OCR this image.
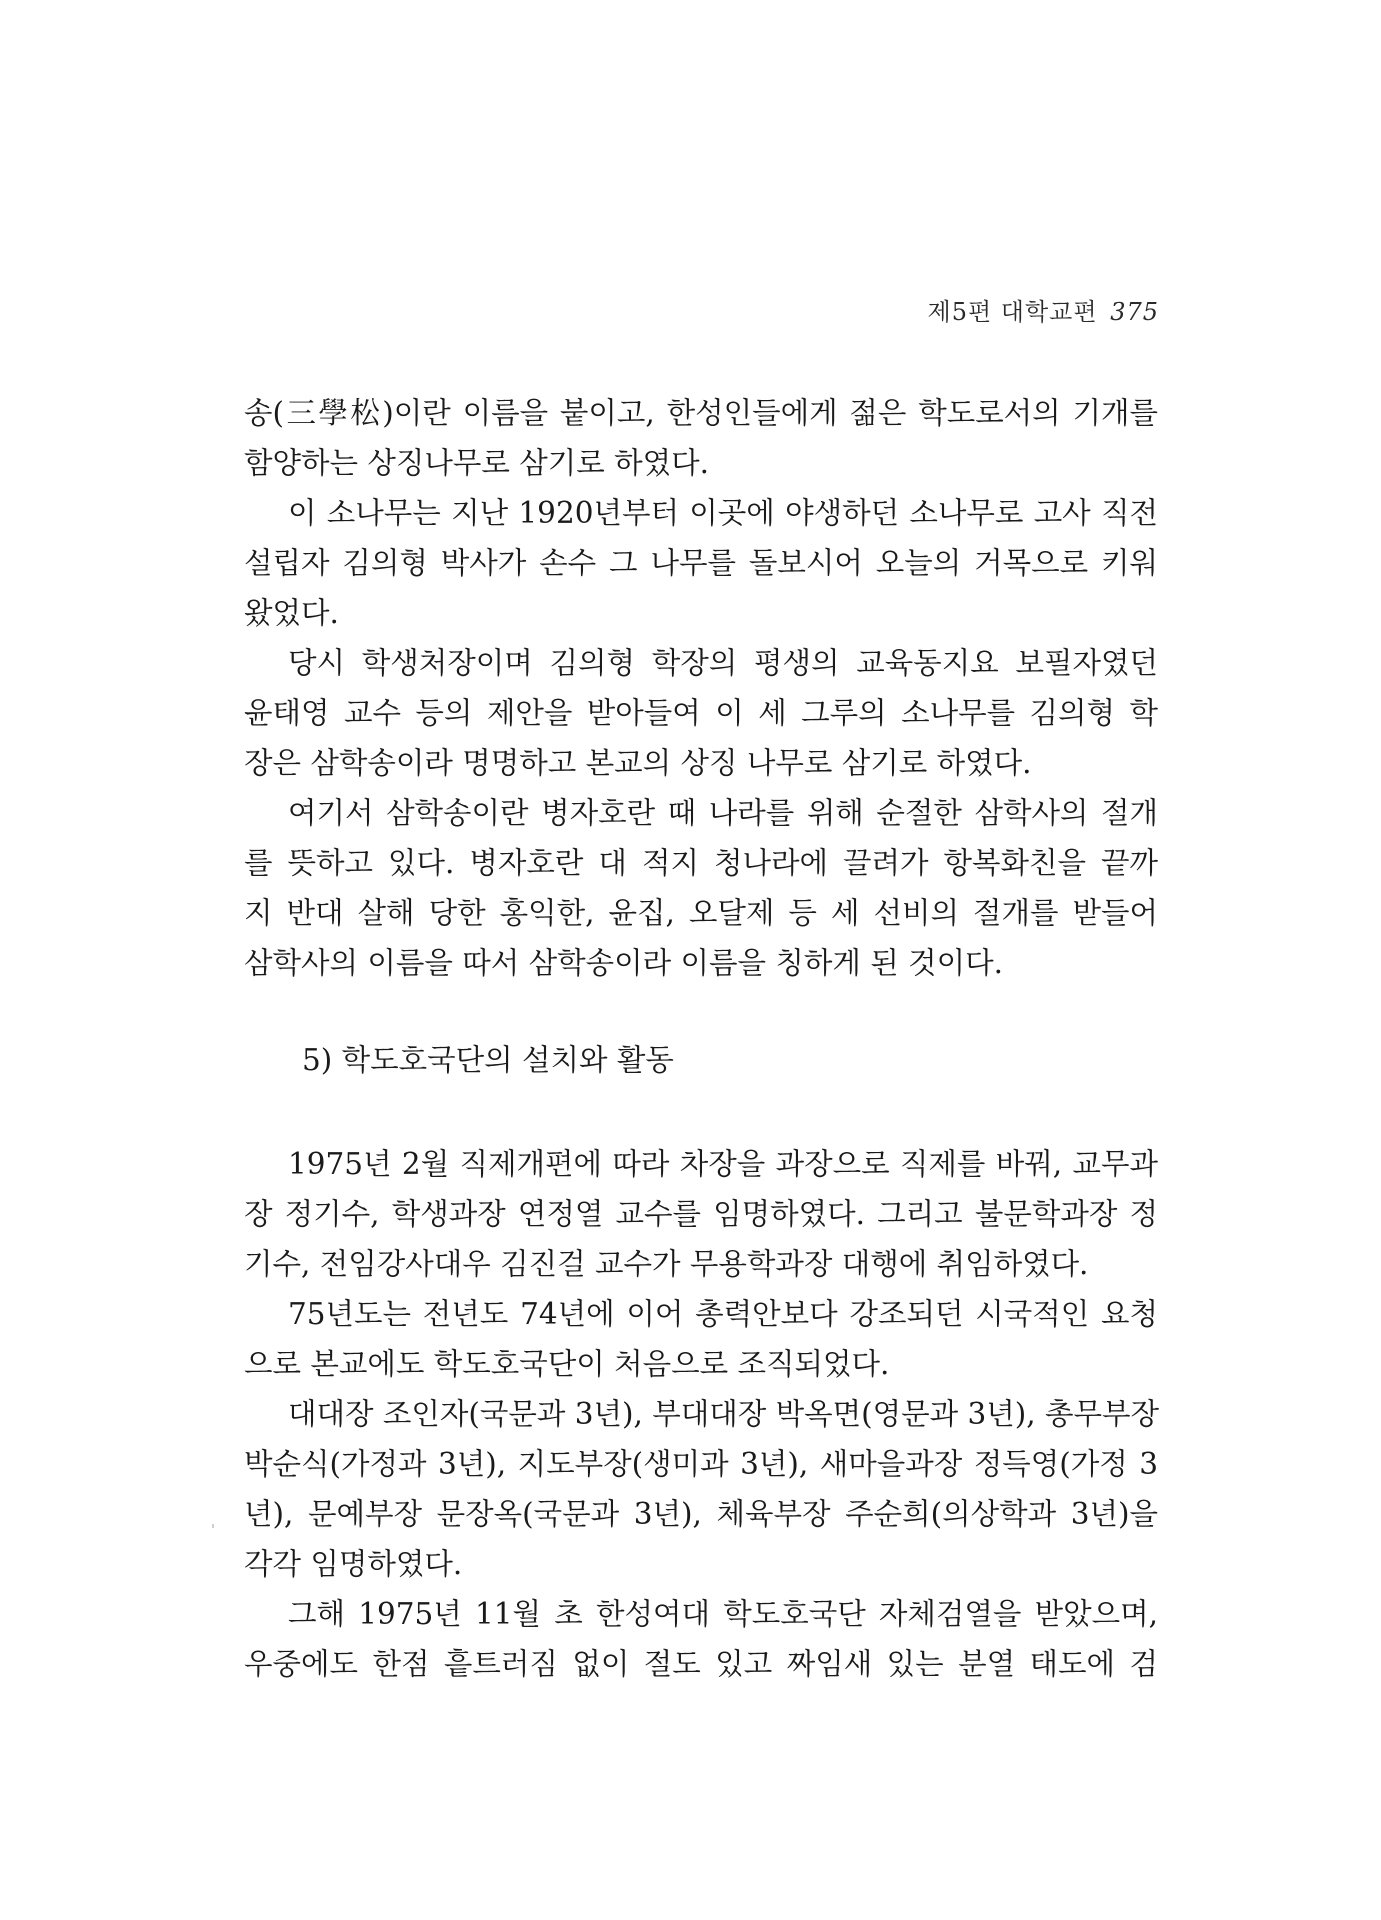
제5편 대학교편 375
송(三學松)이란 이름을 붙이고, 한성인들에게 젊은 학도로서의 기개를
함양하는 상징나무로 삼기로 하였다.
이 소나무는 지난 1920년부터 이곳에 야생하던 소나무로 고사 직전
설립자 김의형 박사가 손수 그 나무를 돌보시어 오늘의 거목으로 키워
왔었다.
당시 학생처장이며 김의형 학장의 평생의 교육동지요 보필자였던
윤태영 교수 등의 제안을 받아들여 이 세 그루의 소나무를 김의형 학
장은 삼학송이라 명명하고 본교의 상징 나무로 삼기로 하였다.
여기서 삼학송이란 병자호란 때 나라를 위해 순절한 삼학사의 절개
를 뜻하고 있다. 병자호란 대 적지 청나라에 끌려가 항복화친을 끝까
지 반대 살해 당한 홍익한, 윤집, 오달제 등 세 선비의 절개를 받들어
삼학사의 이름을 따서 삼학송이라 이름을 칭하게 된 것이다.
5) 학도호국단의 설치와 활동
1975년 2월 직제개편에 따라 차장을 과장으로 직제를 바꿔, 교무과
장 정기수, 학생과장 연정열 교수를 임명하였다. 그리고 불문학과장 정
기수, 전임강사대우 김진걸 교수가 무용학과장 대행에 취임하였다.
75년도는 전년도 74년에 이어 총력안보다 강조되던 시국적인 요청
으로 본교에도 학도호국단이 처음으로 조직되었다.
대대장 조인자(국문과 3년), 부대대장 박옥면(영문과 3년), 총무부장
박순식(가정과 3년), 지도부장(생미과 3년), 새마을과장 정득영(가정 3
년), 문예부장 문장옥(국문과 3년), 체육부장 주순희(의상학과 3년)을
각각 임명하였다.
그해 1975년 11월 초 한성여대 학도호국단 자체검열을 받았으며,
우중에도 한점 흩트러짐 없이 절도 있고 짜임새 있는 분열 태도에 검
